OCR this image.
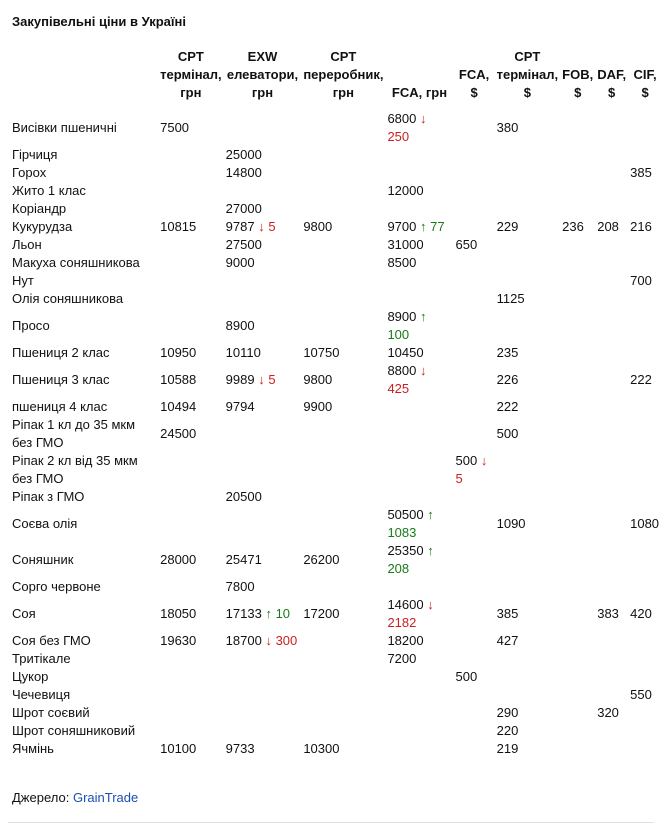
Закупівельні ціни в Україні
	CPT термінал, грн	EXW елеватори, грн	CPT переробник, грн	FCA, грн	FCA, $	CPT термінал, $	FOB, $	DAF, $	CIF, $
Висівки пшеничні	7500			6800 ↓ 250		380			
Гірчиця		25000							
Горох		14800							385
Жито 1 клас				12000					
Коріандр		27000							
Кукурудза	10815	9787 ↓ 5	9800	9700 ↑ 77		229	236	208	216
Льон		27500		31000	650				
Макуха соняшникова		9000		8500					
Нут									700
Олія соняшникова						1125			
Просо		8900		8900 ↑ 100					
Пшениця 2 клас	10950	10110	10750	10450		235			
Пшениця 3 клас	10588	9989 ↓ 5	9800	8800 ↓ 425		226			222
пшениця 4 клас	10494	9794	9900			222			
Ріпак 1 кл до 35 мкм без ГМО	24500					500			
Ріпак 2 кл від 35 мкм без ГМО					500 ↓ 5				
Ріпак з ГМО		20500							
Соєва олія				50500 ↑ 1083		1090			1080
Соняшник	28000	25471	26200	25350 ↑ 208					
Сорго червоне		7800							
Соя	18050	17133 ↑ 10	17200	14600 ↓ 2182		385		383	420
Соя без ГМО	19630	18700 ↓ 300		18200		427			
Тритікале				7200					
Цукор					500				
Чечевиця									550
Шрот соєвий						290		320	
Шрот соняшниковий						220			
Ячмінь	10100	9733	10300			219			
Джерело: GrainTrade
